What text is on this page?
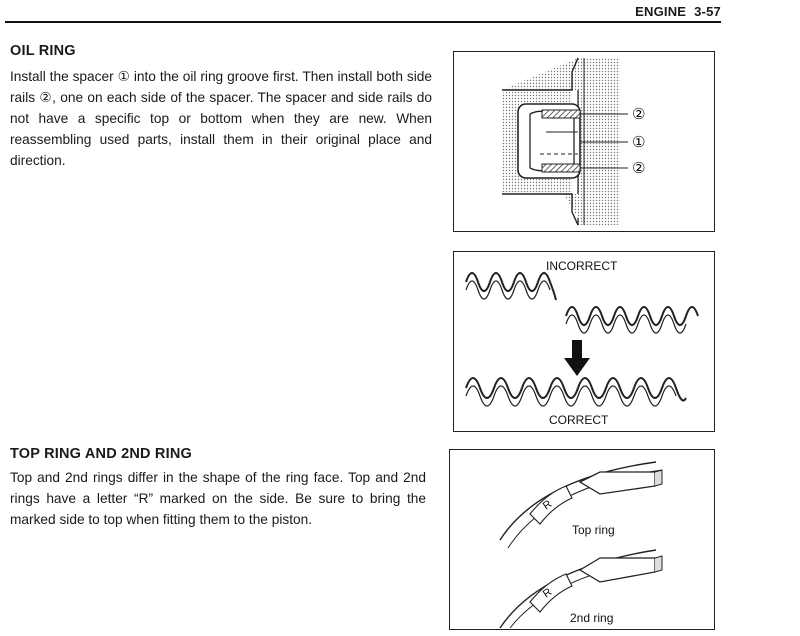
ENGINE 3-57
OIL RING
Install the spacer ① into the oil ring groove first. Then install both side rails ②, one on each side of the spacer. The spacer and side rails do not have a specific top or bottom when they are new. When reassembling used parts, install them in their original place and direction.
②
①
②
INCORRECT
CORRECT
TOP RING AND 2ND RING
Top and 2nd rings differ in the shape of the ring face. Top and 2nd rings have a letter “R” marked on the side. Be sure to bring the marked side to top when fitting them to the piston.
R
Top ring
R
2nd ring
